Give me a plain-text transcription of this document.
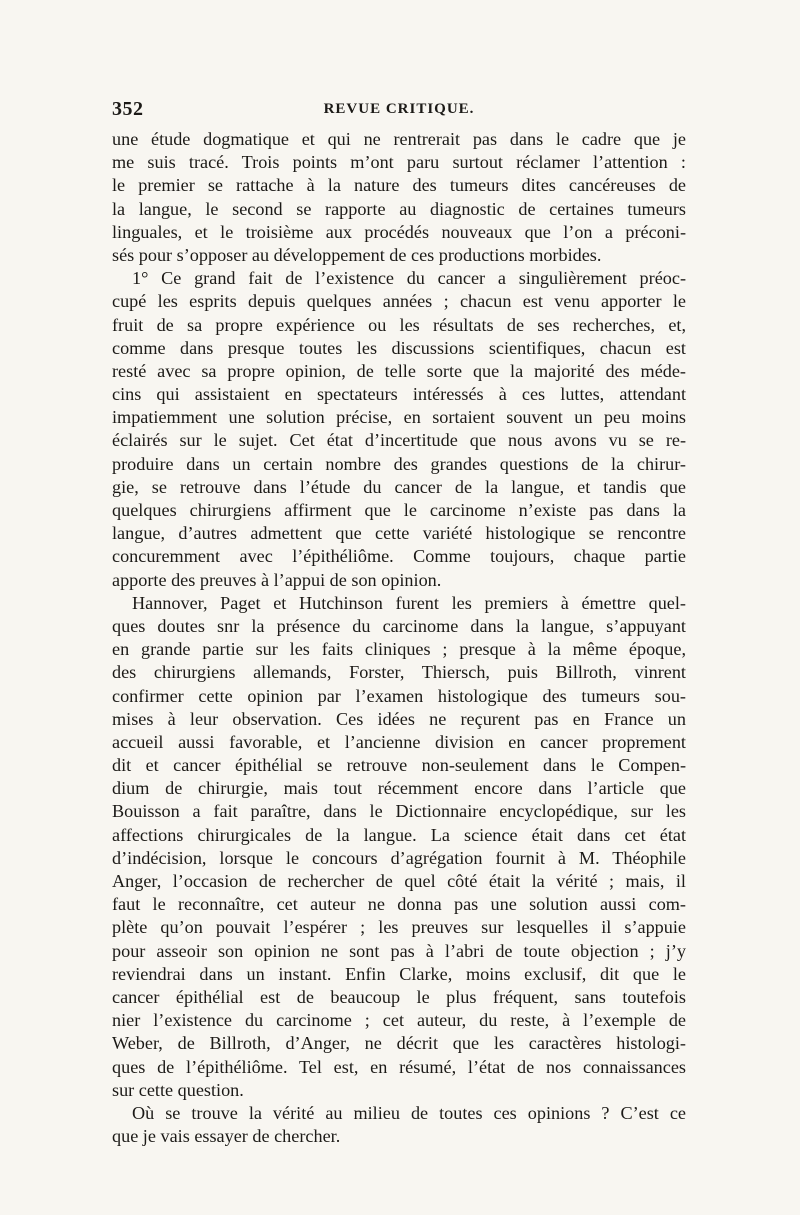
352	REVUE CRITIQUE.
une étude dogmatique et qui ne rentrerait pas dans le cadre que je
me suis tracé. Trois points m’ont paru surtout réclamer l’attention :
le premier se rattache à la nature des tumeurs dites cancéreuses de
la langue, le second se rapporte au diagnostic de certaines tumeurs
linguales, et le troisième aux procédés nouveaux que l’on a préconi-
sés pour s’opposer au développement de ces productions morbides.
1° Ce grand fait de l’existence du cancer a singulièrement préoc-
cupé les esprits depuis quelques années ; chacun est venu apporter le
fruit de sa propre expérience ou les résultats de ses recherches, et,
comme dans presque toutes les discussions scientifiques, chacun est
resté avec sa propre opinion, de telle sorte que la majorité des méde-
cins qui assistaient en spectateurs intéressés à ces luttes, attendant
impatiemment une solution précise, en sortaient souvent un peu moins
éclairés sur le sujet. Cet état d’incertitude que nous avons vu se re-
produire dans un certain nombre des grandes questions de la chirur-
gie, se retrouve dans l’étude du cancer de la langue, et tandis que
quelques chirurgiens affirment que le carcinome n’existe pas dans la
langue, d’autres admettent que cette variété histologique se rencontre
concuremment avec l’épithéliôme. Comme toujours, chaque partie
apporte des preuves à l’appui de son opinion.
Hannover, Paget et Hutchinson furent les premiers à émettre quel-
ques doutes snr la présence du carcinome dans la langue, s’appuyant
en grande partie sur les faits cliniques ; presque à la même époque,
des chirurgiens allemands, Forster, Thiersch, puis Billroth, vinrent
confirmer cette opinion par l’examen histologique des tumeurs sou-
mises à leur observation. Ces idées ne reçurent pas en France un
accueil aussi favorable, et l’ancienne division en cancer proprement
dit et cancer épithélial se retrouve non-seulement dans le Compen-
dium de chirurgie, mais tout récemment encore dans l’article que
Bouisson a fait paraître, dans le Dictionnaire encyclopédique, sur les
affections chirurgicales de la langue. La science était dans cet état
d’indécision, lorsque le concours d’agrégation fournit à M. Théophile
Anger, l’occasion de rechercher de quel côté était la vérité ; mais, il
faut le reconnaître, cet auteur ne donna pas une solution aussi com-
plète qu’on pouvait l’espérer ; les preuves sur lesquelles il s’appuie
pour asseoir son opinion ne sont pas à l’abri de toute objection ; j’y
reviendrai dans un instant. Enfin Clarke, moins exclusif, dit que le
cancer épithélial est de beaucoup le plus fréquent, sans toutefois
nier l’existence du carcinome ; cet auteur, du reste, à l’exemple de
Weber, de Billroth, d’Anger, ne décrit que les caractères histologi-
ques de l’épithéliôme. Tel est, en résumé, l’état de nos connaissances
sur cette question.
Où se trouve la vérité au milieu de toutes ces opinions ? C’est ce
que je vais essayer de chercher.
